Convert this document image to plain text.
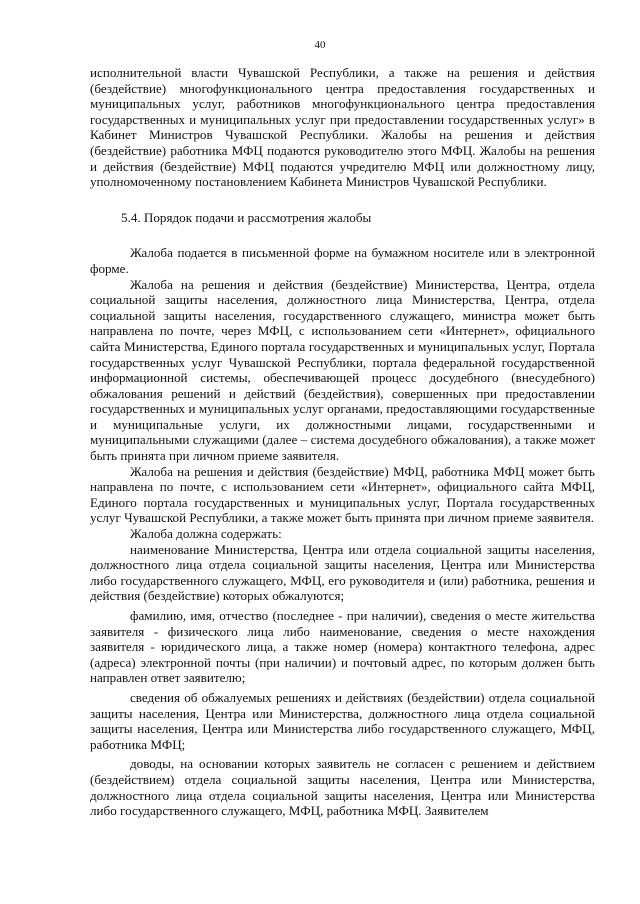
40

исполнительной власти Чувашской Республики, а также на решения и действия (бездействие) многофункционального центра предоставления государственных и муниципальных услуг, работников многофункционального центра предоставления государственных и муниципальных услуг при предоставлении государственных услуг» в Кабинет Министров Чувашской Республики. Жалобы на решения и действия (бездействие) работника МФЦ подаются руководителю этого МФЦ. Жалобы на решения и действия (бездействие) МФЦ подаются учредителю МФЦ или должностному лицу, уполномоченному постановлением Кабинета Министров Чувашской Республики.

5.4. Порядок подачи и рассмотрения жалобы

Жалоба подается в письменной форме на бумажном носителе или в электронной форме.

Жалоба на решения и действия (бездействие) Министерства, Центра, отдела социальной защиты населения, должностного лица Министерства, Центра, отдела социальной защиты населения, государственного служащего, министра может быть направлена по почте, через МФЦ, с использованием сети «Интернет», официального сайта Министерства, Единого портала государственных и муниципальных услуг, Портала государственных услуг Чувашской Республики, портала федеральной государственной информационной системы, обеспечивающей процесс досудебного (внесудебного) обжалования решений и действий (бездействия), совершенных при предоставлении государственных и муниципальных услуг органами, предоставляющими государственные и муниципальные услуги, их должностными лицами, государственными и муниципальными служащими (далее – система досудебного обжалования), а также может быть принята при личном приеме заявителя.

Жалоба на решения и действия (бездействие) МФЦ, работника МФЦ может быть направлена по почте, с использованием сети «Интернет», официального сайта МФЦ, Единого портала государственных и муниципальных услуг, Портала государственных услуг Чувашской Республики, а также может быть принята при личном приеме заявителя.

Жалоба должна содержать:

наименование Министерства, Центра или отдела социальной защиты населения, должностного лица отдела социальной защиты населения, Центра или Министерства либо государственного служащего, МФЦ, его руководителя и (или) работника, решения и действия (бездействие) которых обжалуются;

фамилию, имя, отчество (последнее - при наличии), сведения о месте жительства заявителя - физического лица либо наименование, сведения о месте нахождения заявителя - юридического лица, а также номер (номера) контактного телефона, адрес (адреса) электронной почты (при наличии) и почтовый адрес, по которым должен быть направлен ответ заявителю;

сведения об обжалуемых решениях и действиях (бездействии) отдела социальной защиты населения, Центра или Министерства, должностного лица отдела социальной защиты населения, Центра или Министерства либо государственного служащего, МФЦ, работника МФЦ;

доводы, на основании которых заявитель не согласен с решением и действием (бездействием) отдела социальной защиты населения, Центра или Министерства, должностного лица отдела социальной защиты населения, Центра или Министерства либо государственного служащего, МФЦ, работника МФЦ. Заявителем
